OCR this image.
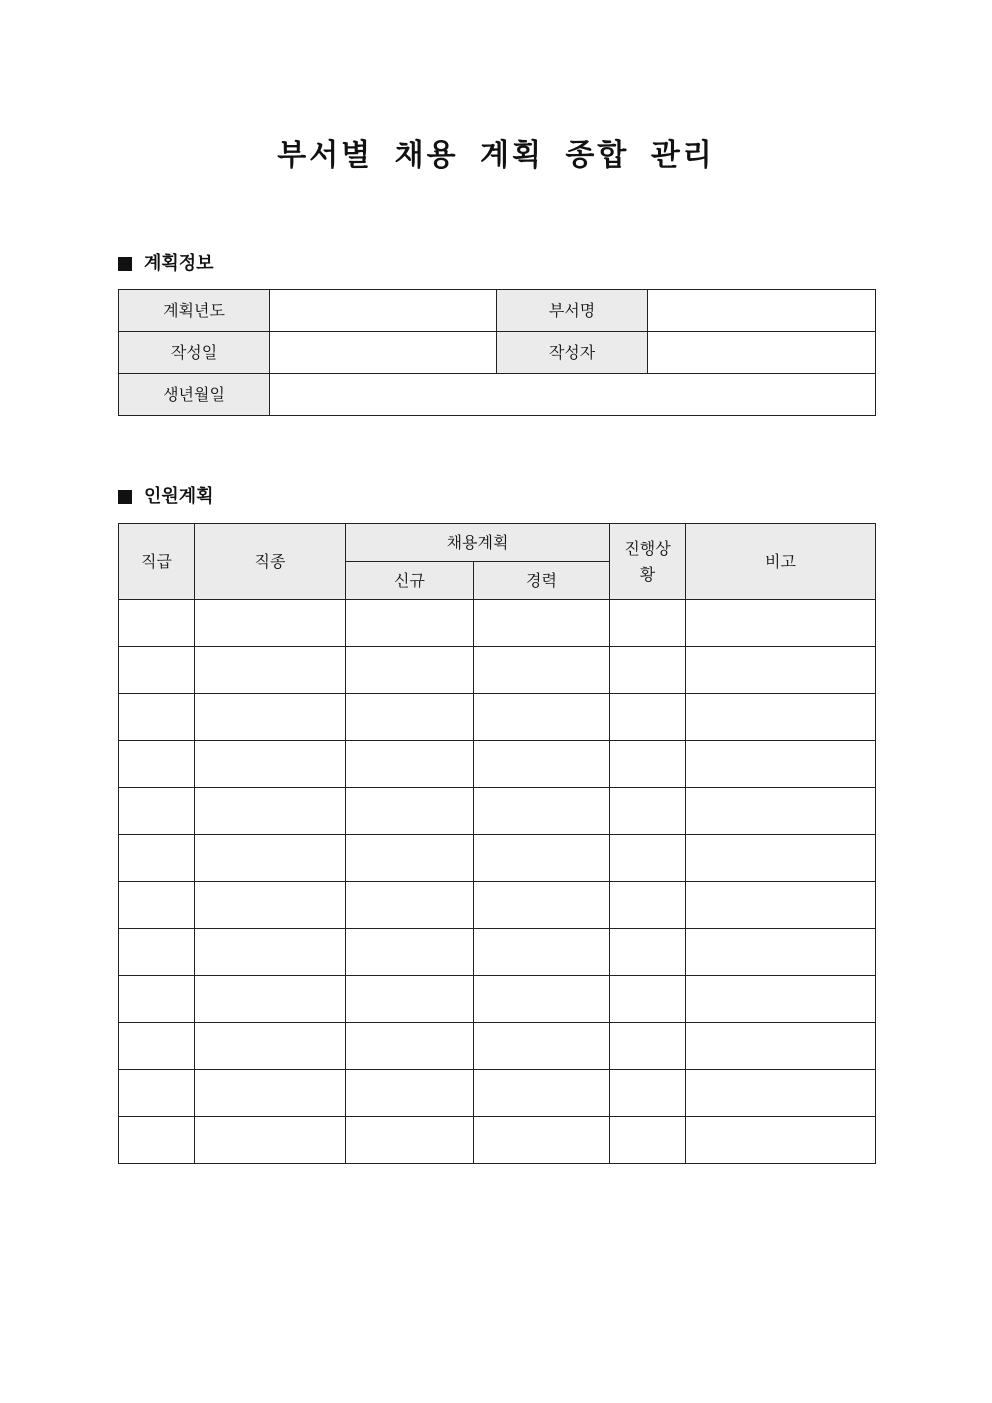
부서별 채용 계획 종합 관리
계획정보
계획년도		부서명	
작성일		작성자	
생년월일			
인원계획
직급	직종	채용계획		진행상황	비고
		신규	경력		
